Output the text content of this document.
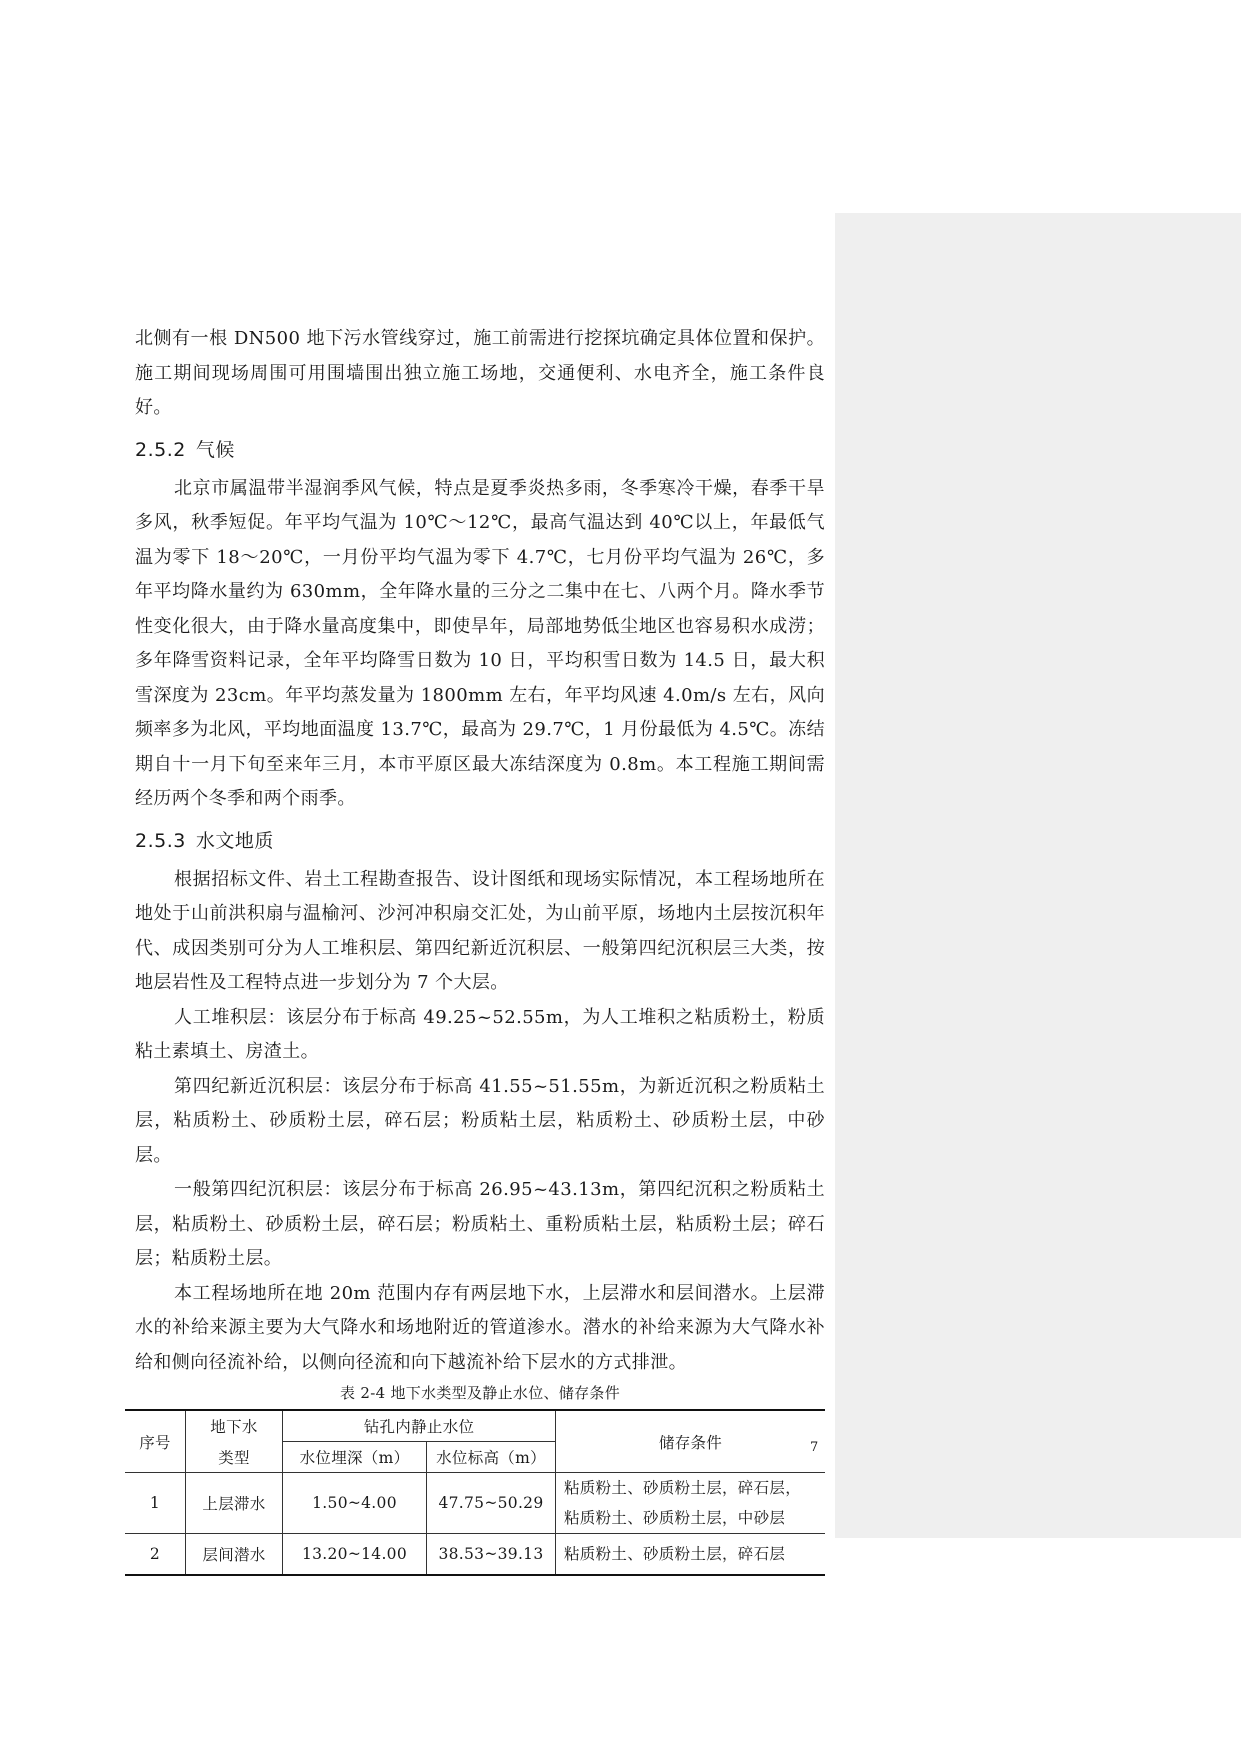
北侧有一根 DN500 地下污水管线穿过，施工前需进行挖探坑确定具体位置和保护。施工期间现场周围可用围墙围出独立施工场地，交通便利、水电齐全，施工条件良好。

2.5.2 气候

北京市属温带半湿润季风气候，特点是夏季炎热多雨，冬季寒冷干燥，春季干旱多风，秋季短促。年平均气温为 10℃～12℃，最高气温达到 40℃以上，年最低气温为零下 18～20℃，一月份平均气温为零下 4.7℃，七月份平均气温为 26℃，多年平均降水量约为 630mm，全年降水量的三分之二集中在七、八两个月。降水季节性变化很大，由于降水量高度集中，即使旱年，局部地势低尘地区也容易积水成涝；多年降雪资料记录，全年平均降雪日数为 10 日，平均积雪日数为 14.5 日，最大积雪深度为 23cm。年平均蒸发量为 1800mm 左右，年平均风速 4.0m/s 左右，风向频率多为北风，平均地面温度 13.7℃，最高为 29.7℃，1 月份最低为 4.5℃。冻结期自十一月下旬至来年三月，本市平原区最大冻结深度为 0.8m。本工程施工期间需经历两个冬季和两个雨季。

2.5.3 水文地质

根据招标文件、岩土工程勘查报告、设计图纸和现场实际情况，本工程场地所在地处于山前洪积扇与温榆河、沙河冲积扇交汇处，为山前平原，场地内土层按沉积年代、成因类别可分为人工堆积层、第四纪新近沉积层、一般第四纪沉积层三大类，按地层岩性及工程特点进一步划分为 7 个大层。

人工堆积层：该层分布于标高 49.25~52.55m，为人工堆积之粘质粉土，粉质粘土素填土、房渣土。

第四纪新近沉积层：该层分布于标高 41.55~51.55m，为新近沉积之粉质粘土层，粘质粉土、砂质粉土层，碎石层；粉质粘土层，粘质粉土、砂质粉土层，中砂层。

一般第四纪沉积层：该层分布于标高 26.95~43.13m，第四纪沉积之粉质粘土层，粘质粉土、砂质粉土层，碎石层；粉质粘土、重粉质粘土层，粘质粉土层；碎石层；粘质粉土层。

本工程场地所在地 20m 范围内存有两层地下水，上层滞水和层间潜水。上层滞水的补给来源主要为大气降水和场地附近的管道渗水。潜水的补给来源为大气降水补给和侧向径流补给，以侧向径流和向下越流补给下层水的方式排泄。

表 2-4 地下水类型及静止水位、储存条件
序号	地下水	钻孔内静止水位		储存条件
	类型	水位埋深（m）	水位标高（m）	
1	上层滞水	1.50~4.00	47.75~50.29	粘质粉土、砂质粉土层，碎石层，
粘质粉土、砂质粉土层，中砂层

2	层间潜水	13.20~14.00	38.53~39.13	粘质粉土、砂质粉土层，碎石层
7
